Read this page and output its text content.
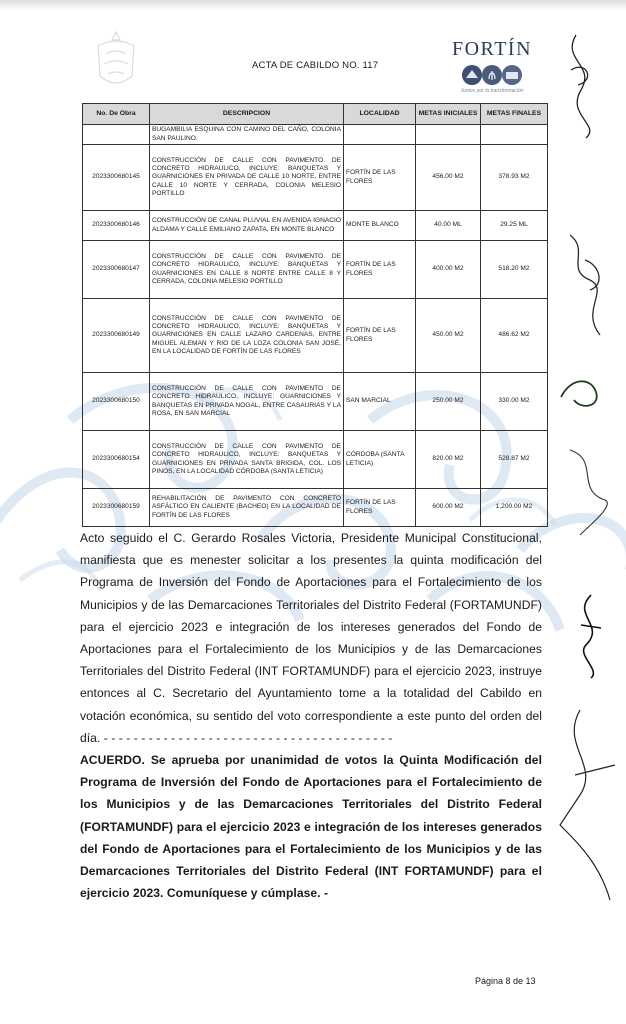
ACTA DE CABILDO NO. 117
FORTÍN
Juntos por la transformación
No. De Obra	DESCRIPCION	LOCALIDAD	METAS INICIALES	METAS FINALES
	BUGAMBILIA ESQUINA CON CAMINO DEL CAÑO, COLONIA SAN PAULINO.			
2023300680145	CONSTRUCCIÓN DE CALLE CON PAVIMENTO DE CONCRETO HIDRAULICO, INCLUYE: BANQUETAS Y GUARNICIONES EN PRIVADA DE CALLE 10 NORTE, ENTRE CALLE 10 NORTE Y CERRADA, COLONIA MELESIO PORTILLO	FORTÍN DE LAS FLORES	456.00 M2	378.93 M2
2023300680146	CONSTRUCCIÓN DE CANAL PLUVIAL EN AVENIDA IGNACIO ALDAMA Y CALLE EMILIANO ZAPATA, EN MONTE BLANCO	MONTE BLANCO	40.00 ML	29.25 ML
2023300680147	CONSTRUCCIÓN DE CALLE CON PAVIMENTO DE CONCRETO HIDRAULICO, INCLUYE: BANQUETAS Y GUARNICIONES EN CALLE 8 NORTE ENTRE CALLE 8 Y CERRADA, COLONIA MELESIO PORTILLO	FORTÍN DE LAS FLORES	400.00 M2	518.20 M2
2023300680149	CONSTRUCCIÓN DE CALLE CON PAVIMENTO DE CONCRETO HIDRAULICO, INCLUYE: BANQUETAS Y GUARNICIONES EN CALLE LAZARO CARDENAS, ENTRE MIGUEL ALEMAN Y RIO DE LA LOZA COLONIA SAN JOSÉ, EN LA LOCALIDAD DE FORTÍN DE LAS FLORES	FORTÍN DE LAS FLORES	450.00 M2	486.62 M2
2023300680150	CONSTRUCCIÓN DE CALLE CON PAVIMENTO DE CONCRETO HIDRAULICO, INCLUYE: GUARNICIONES Y BANQUETAS EN PRIVADA NOGAL, ENTRE CASAURIAS Y LA ROSA, EN SAN MARCIAL	SAN MARCIAL	250.00 M2	330.00 M2
2023300680154	CONSTRUCCIÓN DE CALLE CON PAVIMENTO DE CONCRETO HIDRAULICO, INCLUYE: BANQUETAS Y GUARNICIONES EN PRIVADA SANTA BRIGIDA, COL. LOS PINOS, EN LA LOCALIDAD CÓRDOBA (SANTA LETICIA)	CÓRDOBA (SANTA LETICIA)	820.00 M2	528.87 M2
2023300680159	REHABILITACIÓN DE PAVIMENTO CON CONCRETO ASFÁLTICO EN CALIENTE (BACHEO) EN LA LOCALIDAD DE FORTÍN DE LAS FLORES	FORTÍN DE LAS FLORES	600.00 M2	1,200.00 M2

Acto seguido el C. Gerardo Rosales Victoria, Presidente Municipal Constitucional, manifiesta que es menester solicitar a los presentes la quinta modificación del Programa de Inversión del Fondo de Aportaciones para el Fortalecimiento de los Municipios y de las Demarcaciones Territoriales del Distrito Federal (FORTAMUNDF) para el ejercicio 2023 e integración de los intereses generados del Fondo de Aportaciones para el Fortalecimiento de los Municipios y de las Demarcaciones Territoriales del Distrito Federal (INT FORTAMUNDF) para el ejercicio 2023, instruye entonces al C. Secretario del Ayuntamiento tome a la totalidad del Cabildo en votación económica, su sentido del voto correspondiente a este punto del orden del día. - - - - - - - - - - - - - - - - - - - - - - - - - - - - - - - - - - - - - - -

ACUERDO. Se aprueba por unanimidad de votos la Quinta Modificación del Programa de Inversión del Fondo de Aportaciones para el Fortalecimiento de los Municipios y de las Demarcaciones Territoriales del Distrito Federal (FORTAMUNDF) para el ejercicio 2023 e integración de los intereses generados del Fondo de Aportaciones para el Fortalecimiento de los Municipios y de las Demarcaciones Territoriales del Distrito Federal (INT FORTAMUNDF) para el ejercicio 2023. Comuníquese y cúmplase. -

Página 8 de 13
